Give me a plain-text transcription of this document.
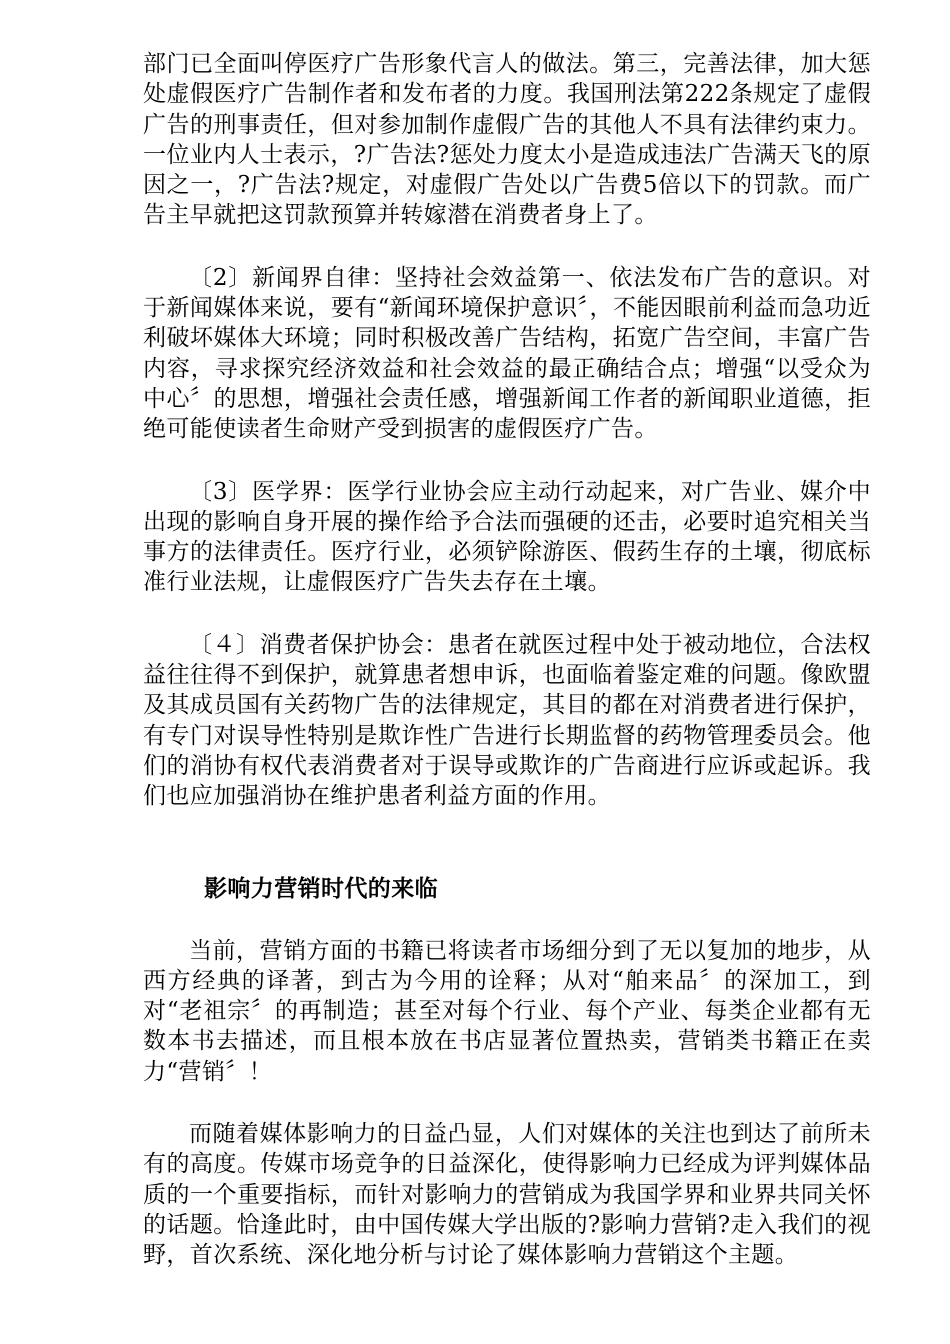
部门已全面叫停医疗广告形象代言人的做法。第三，完善法律，加大惩处虚假医疗广告制作者和发布者的力度。我国刑法第222条规定了虚假广告的刑事责任，但对参加制作虚假广告的其他人不具有法律约束力。一位业内人士表示，?广告法?惩处力度太小是造成违法广告满天飞的原因之一，?广告法?规定，对虚假广告处以广告费5倍以下的罚款。而广告主早就把这罚款预算并转嫁潜在消费者身上了。

〔2〕新闻界自律：坚持社会效益第一、依法发布广告的意识。对于新闻媒体来说，要有“新闻环境保护意识〞，不能因眼前利益而急功近利破坏媒体大环境；同时积极改善广告结构，拓宽广告空间，丰富广告内容，寻求探究经济效益和社会效益的最正确结合点；增强“以受众为中心〞的思想，增强社会责任感，增强新闻工作者的新闻职业道德，拒绝可能使读者生命财产受到损害的虚假医疗广告。

〔3〕医学界：医学行业协会应主动行动起来，对广告业、媒介中出现的影响自身开展的操作给予合法而强硬的还击，必要时追究相关当事方的法律责任。医疗行业，必须铲除游医、假药生存的土壤，彻底标准行业法规，让虚假医疗广告失去存在土壤。

〔４〕消费者保护协会：患者在就医过程中处于被动地位，合法权益往往得不到保护，就算患者想申诉，也面临着鉴定难的问题。像欧盟及其成员国有关药物广告的法律规定，其目的都在对消费者进行保护，有专门对误导性特别是欺诈性广告进行长期监督的药物管理委员会。他们的消协有权代表消费者对于误导或欺诈的广告商进行应诉或起诉。我们也应加强消协在维护患者利益方面的作用。

影响力营销时代的来临

当前，营销方面的书籍已将读者市场细分到了无以复加的地步，从西方经典的译著，到古为今用的诠释；从对“舶来品〞的深加工，到对“老祖宗〞的再制造；甚至对每个行业、每个产业、每类企业都有无数本书去描述，而且根本放在书店显著位置热卖，营销类书籍正在卖力“营销〞！

而随着媒体影响力的日益凸显，人们对媒体的关注也到达了前所未有的高度。传媒市场竞争的日益深化，使得影响力已经成为评判媒体品质的一个重要指标，而针对影响力的营销成为我国学界和业界共同关怀的话题。恰逢此时，由中国传媒大学出版的?影响力营销?走入我们的视野，首次系统、深化地分析与讨论了媒体影响力营销这个主题。
